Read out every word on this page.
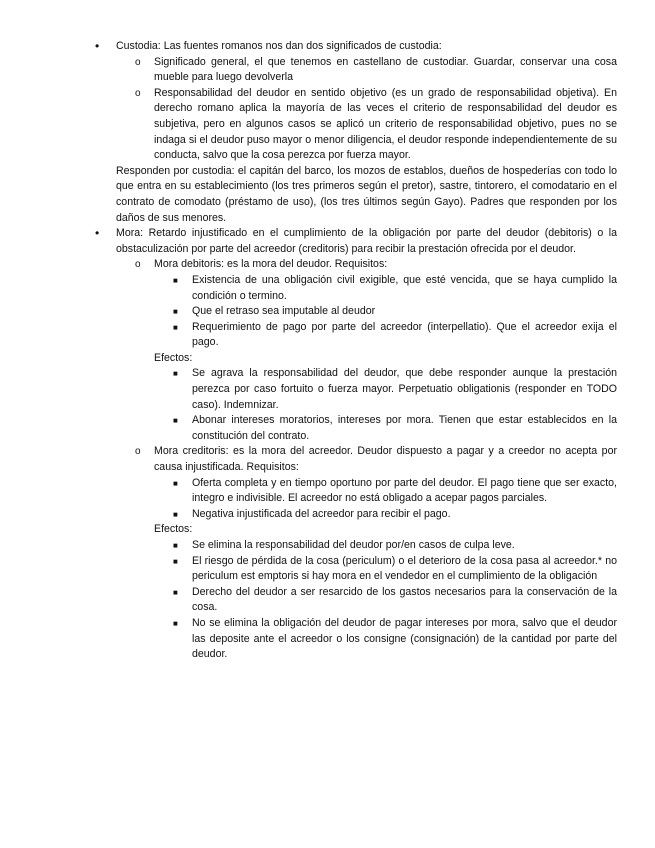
• Custodia: Las fuentes romanos nos dan dos significados de custodia:
o Significado general, el que tenemos en castellano de custodiar. Guardar, conservar una cosa mueble para luego devolverla
o Responsabilidad del deudor en sentido objetivo (es un grado de responsabilidad objetiva). En derecho romano aplica la mayoría de las veces el criterio de responsabilidad del deudor es subjetiva, pero en algunos casos se aplicó un criterio de responsabilidad objetivo, pues no se indaga si el deudor puso mayor o menor diligencia, el deudor responde independientemente de su conducta, salvo que la cosa perezca por fuerza mayor.
Responden por custodia: el capitán del barco, los mozos de establos, dueños de hospederías con todo lo que entra en su establecimiento (los tres primeros según el pretor), sastre, tintorero, el comodatario en el contrato de comodato (préstamo de uso), (los tres últimos según Gayo). Padres que responden por los daños de sus menores.
• Mora: Retardo injustificado en el cumplimiento de la obligación por parte del deudor (debitoris) o la obstaculización por parte del acreedor (creditoris) para recibir la prestación ofrecida por el deudor.
o Mora debitoris: es la mora del deudor. Requisitos:
■ Existencia de una obligación civil exigible, que esté vencida, que se haya cumplido la condición o termino.
■ Que el retraso sea imputable al deudor
■ Requerimiento de pago por parte del acreedor (interpellatio). Que el acreedor exija el pago.
Efectos:
■ Se agrava la responsabilidad del deudor, que debe responder aunque la prestación perezca por caso fortuito o fuerza mayor. Perpetuatio obligationis (responder en TODO caso). Indemnizar.
■ Abonar intereses moratorios, intereses por mora. Tienen que estar establecidos en la constitución del contrato.
o Mora creditoris: es la mora del acreedor. Deudor dispuesto a pagar y a creedor no acepta por causa injustificada. Requisitos:
■ Oferta completa y en tiempo oportuno por parte del deudor. El pago tiene que ser exacto, integro e indivisible. El acreedor no está obligado a acepar pagos parciales.
■ Negativa injustificada del acreedor para recibir el pago.
Efectos:
■ Se elimina la responsabilidad del deudor por/en casos de culpa leve.
■ El riesgo de pérdida de la cosa (periculum) o el deterioro de la cosa pasa al acreedor.* no periculum est emptoris si hay mora en el vendedor en el cumplimiento de la obligación
■ Derecho del deudor a ser resarcido de los gastos necesarios para la conservación de la cosa.
■ No se elimina la obligación del deudor de pagar intereses por mora, salvo que el deudor las deposite ante el acreedor o los consigne (consignación) de la cantidad por parte del deudor.
